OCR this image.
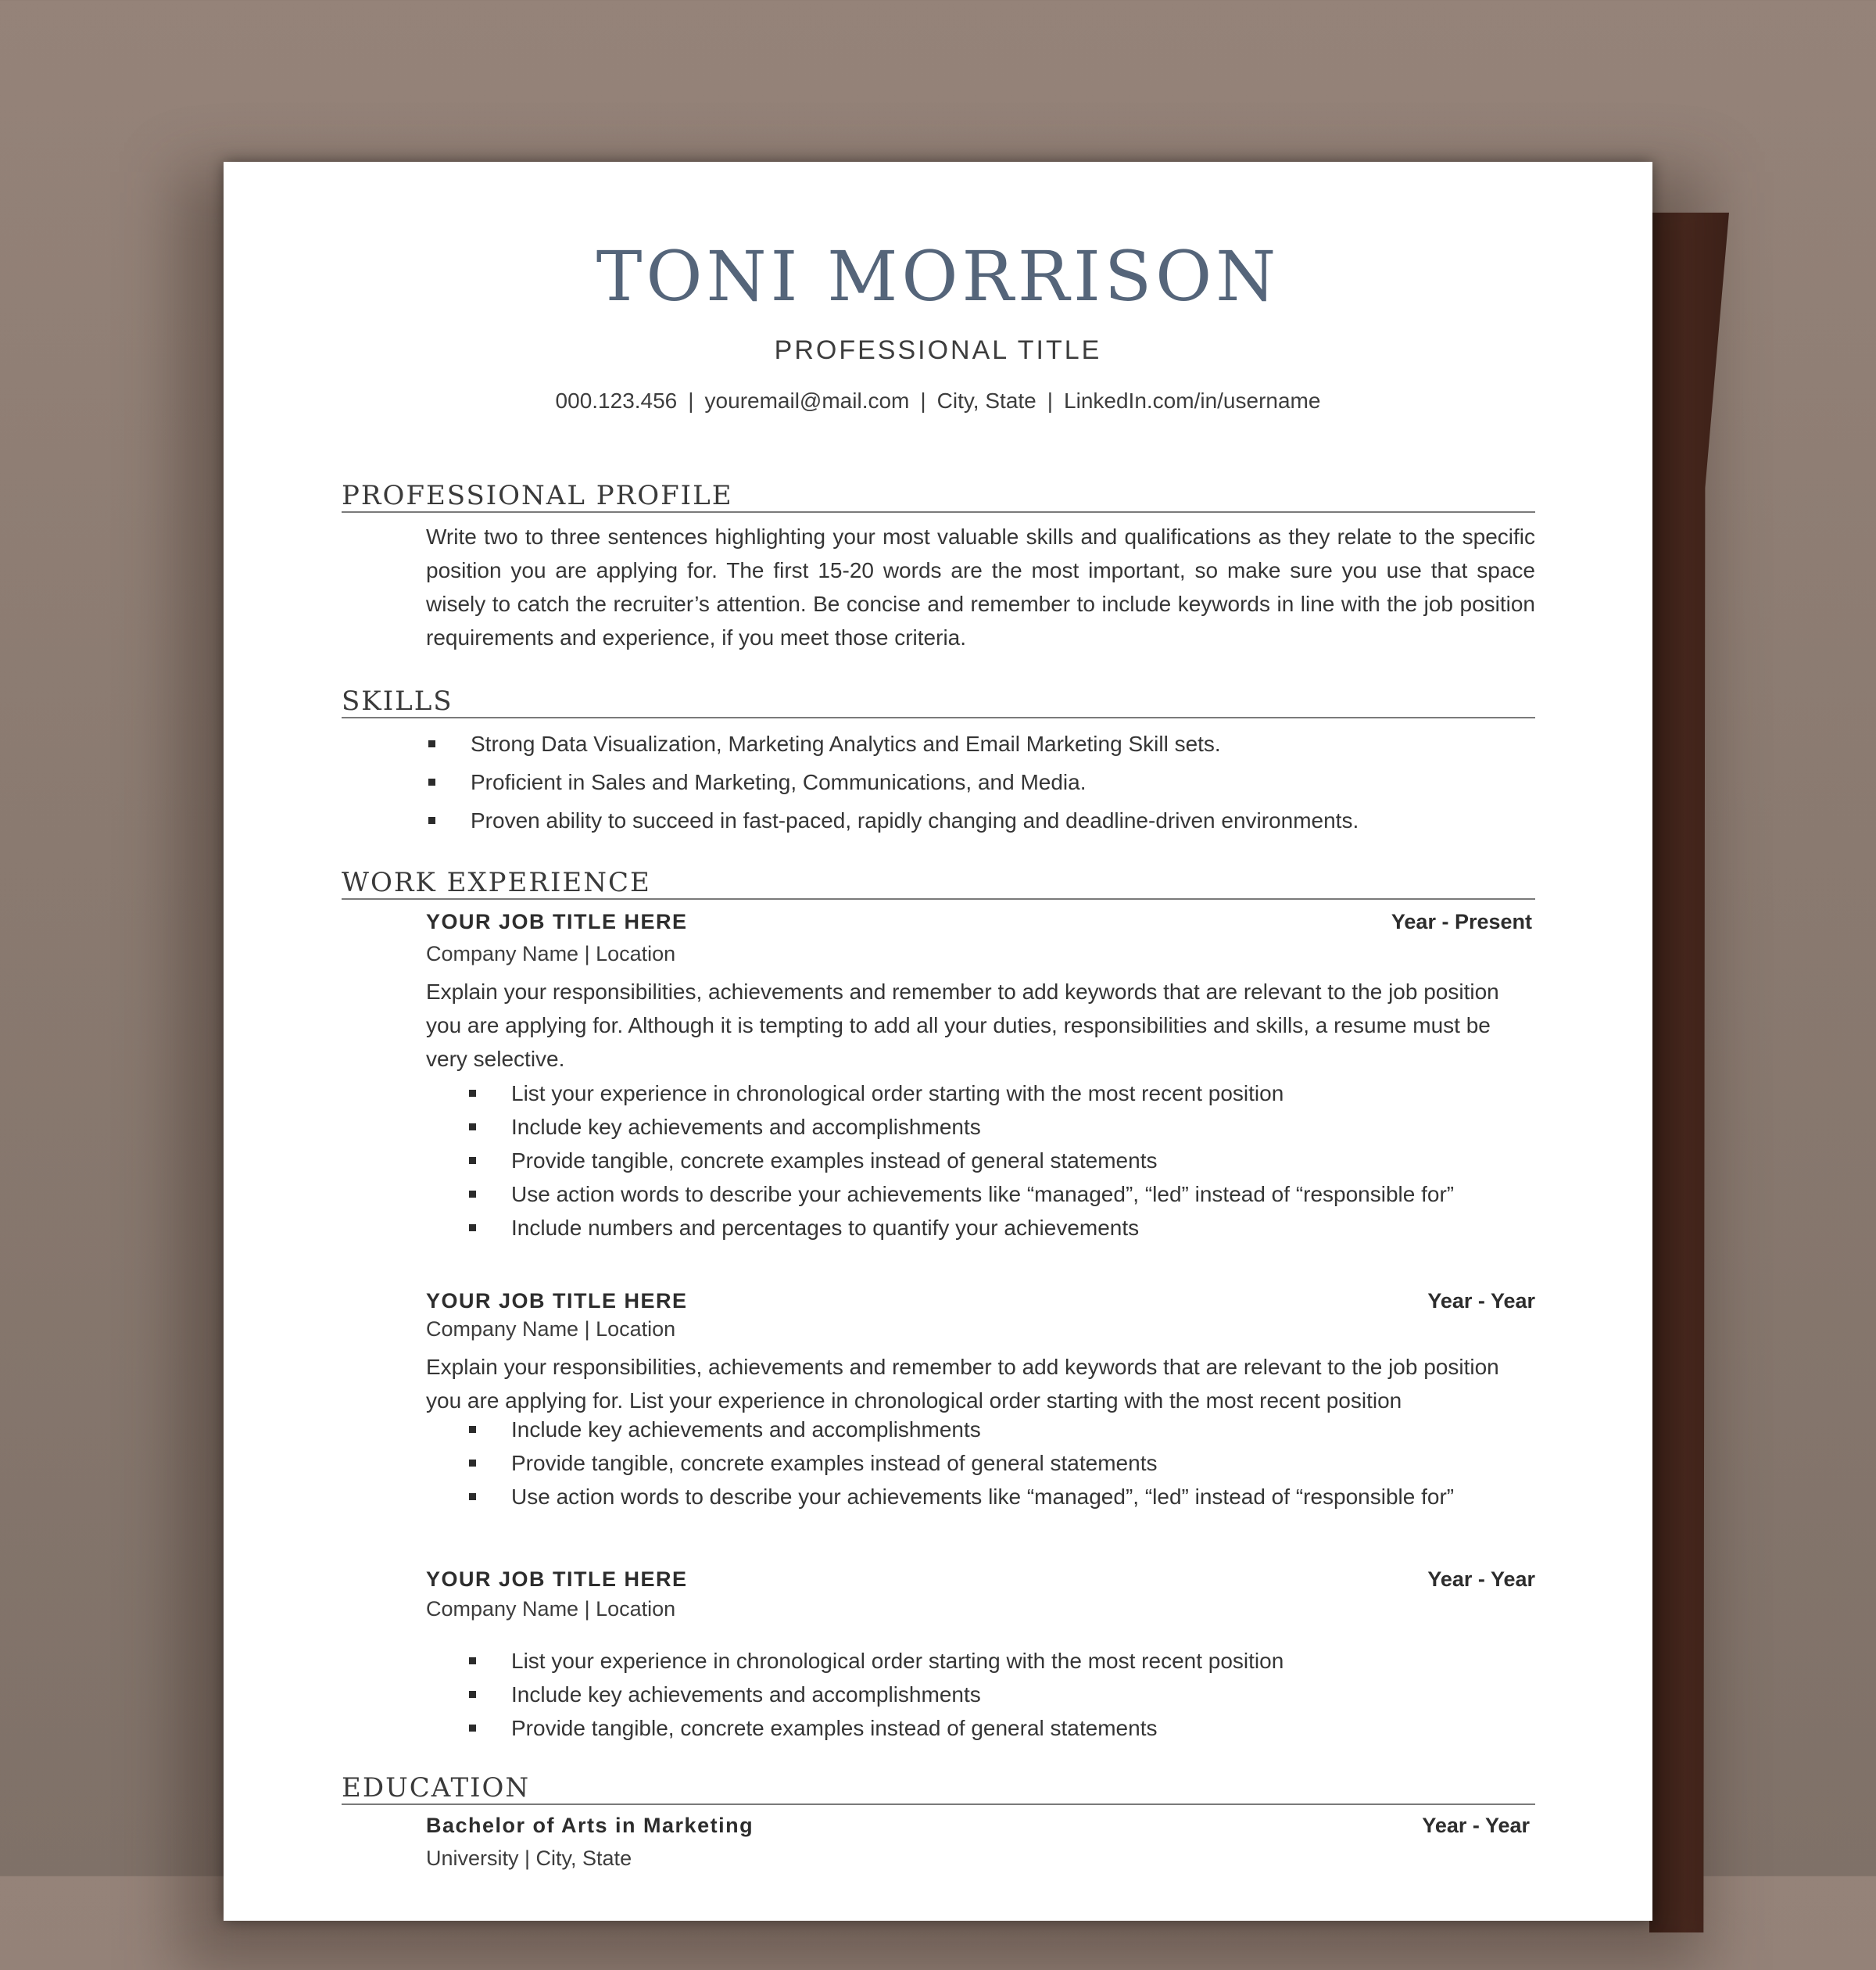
TONI MORRISON
PROFESSIONAL TITLE
000.123.456 | youremail@mail.com | City, State | LinkedIn.com/in/username
PROFESSIONAL PROFILE
Write two to three sentences highlighting your most valuable skills and qualifications as they relate to the specific position you are applying for. The first 15-20 words are the most important, so make sure you use that space wisely to catch the recruiter’s attention. Be concise and remember to include keywords in line with the job position requirements and experience, if you meet those criteria.
SKILLS
Strong Data Visualization, Marketing Analytics and Email Marketing Skill sets.
Proficient in Sales and Marketing, Communications, and Media.
Proven ability to succeed in fast-paced, rapidly changing and deadline-driven environments.
WORK EXPERIENCE
YOUR JOB TITLE HERE	Year - Present
Company Name | Location
Explain your responsibilities, achievements and remember to add keywords that are relevant to the job position you are applying for. Although it is tempting to add all your duties, responsibilities and skills, a resume must be very selective.
List your experience in chronological order starting with the most recent position
Include key achievements and accomplishments
Provide tangible, concrete examples instead of general statements
Use action words to describe your achievements like “managed”, “led” instead of “responsible for”
Include numbers and percentages to quantify your achievements
YOUR JOB TITLE HERE	Year - Year
Company Name | Location
Explain your responsibilities, achievements and remember to add keywords that are relevant to the job position you are applying for. List your experience in chronological order starting with the most recent position
Include key achievements and accomplishments
Provide tangible, concrete examples instead of general statements
Use action words to describe your achievements like “managed”, “led” instead of “responsible for”
YOUR JOB TITLE HERE	Year - Year
Company Name | Location
List your experience in chronological order starting with the most recent position
Include key achievements and accomplishments
Provide tangible, concrete examples instead of general statements
EDUCATION
Bachelor of Arts in Marketing	Year - Year
University | City, State
